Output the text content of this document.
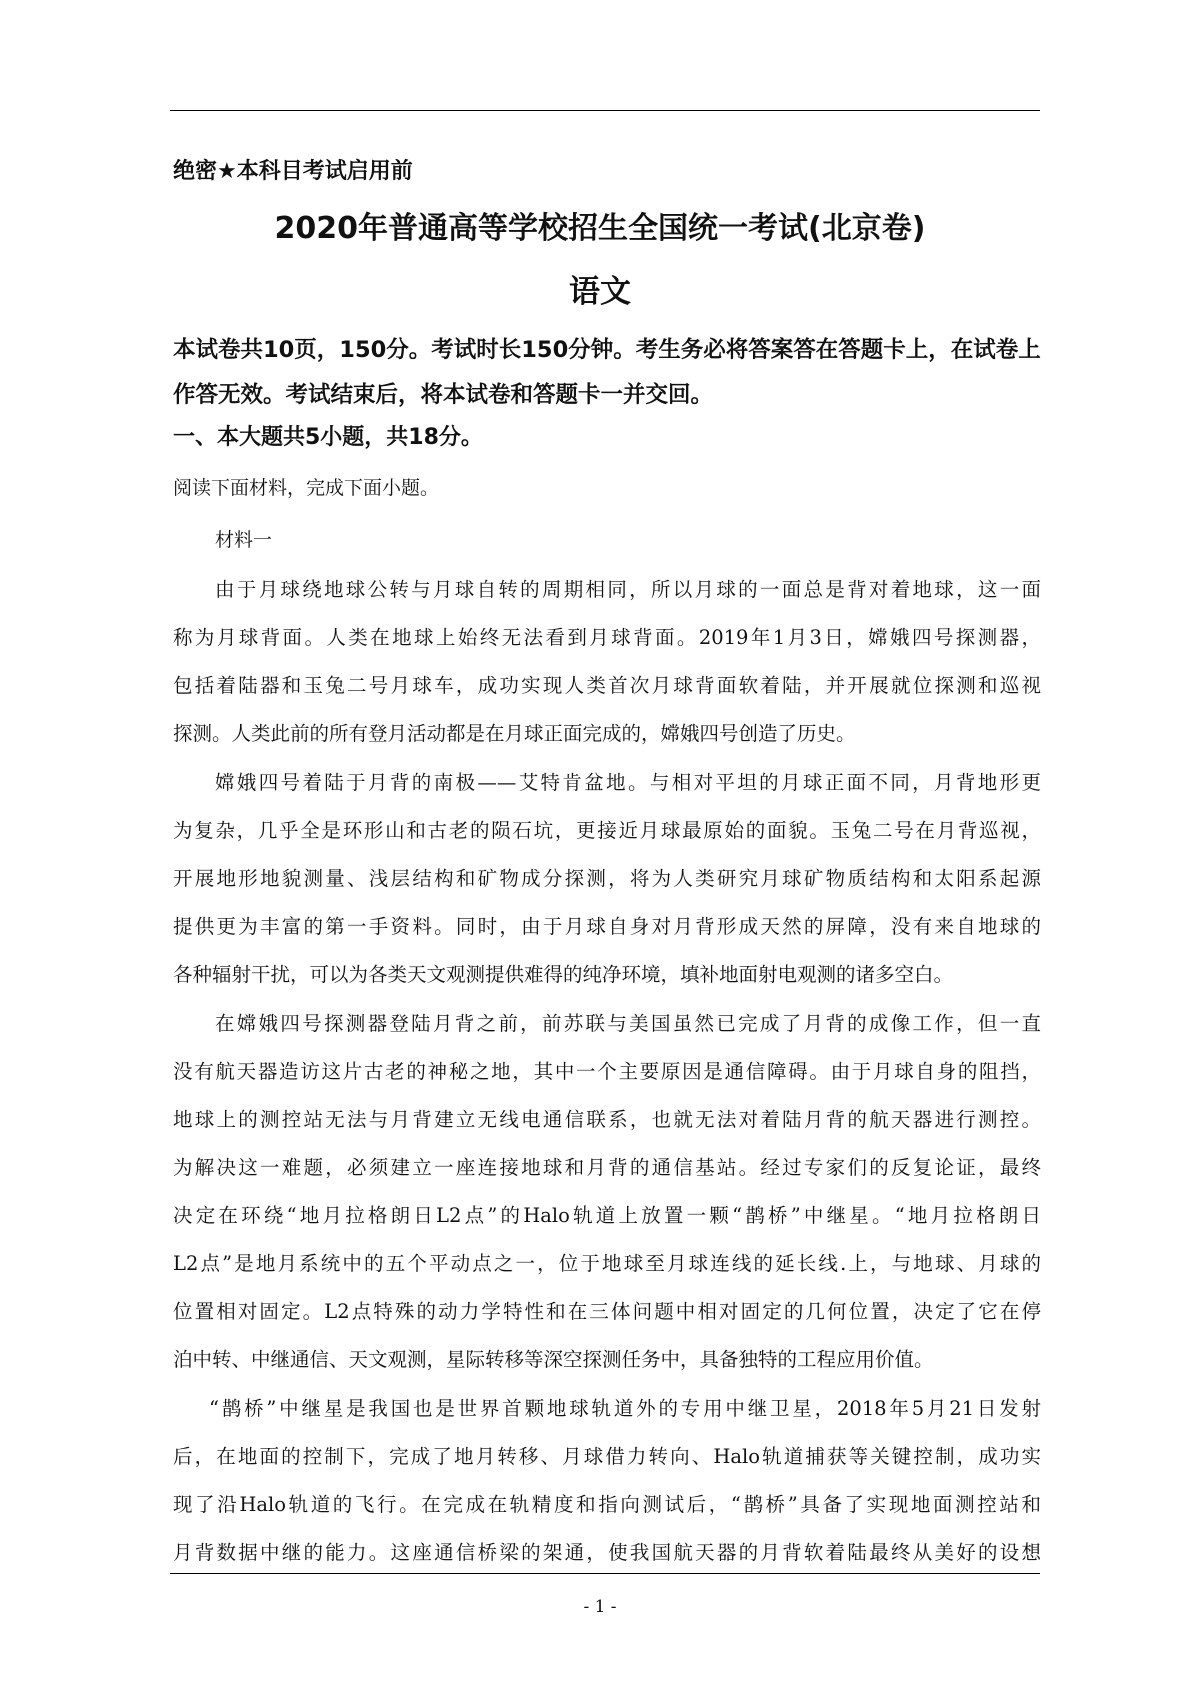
绝密★本科目考试启用前

2020年普通高等学校招生全国统一考试(北京卷)
语文

本试卷共10页，150分。考试时长150分钟。考生务必将答案答在答题卡上，在试卷上作答无效。考试结束后，将本试卷和答题卡一并交回。

一、本大题共5小题，共18分。

阅读下面材料，完成下面小题。

材料一

由于月球绕地球公转与月球自转的周期相同，所以月球的一面总是背对着地球，这一面

称为月球背面。人类在地球上始终无法看到月球背面。2019年1月3日，嫦娥四号探测器，

包括着陆器和玉兔二号月球车，成功实现人类首次月球背面软着陆，并开展就位探测和巡视

探测。人类此前的所有登月活动都是在月球正面完成的，嫦娥四号创造了历史。

嫦娥四号着陆于月背的南极——艾特肯盆地。与相对平坦的月球正面不同，月背地形更

为复杂，几乎全是环形山和古老的陨石坑，更接近月球最原始的面貌。玉兔二号在月背巡视，

开展地形地貌测量、浅层结构和矿物成分探测，将为人类研究月球矿物质结构和太阳系起源

提供更为丰富的第一手资料。同时，由于月球自身对月背形成天然的屏障，没有来自地球的

各种辐射干扰，可以为各类天文观测提供难得的纯净环境，填补地面射电观测的诸多空白。

在嫦娥四号探测器登陆月背之前，前苏联与美国虽然已完成了月背的成像工作，但一直

没有航天器造访这片古老的神秘之地，其中一个主要原因是通信障碍。由于月球自身的阻挡，

地球上的测控站无法与月背建立无线电通信联系，也就无法对着陆月背的航天器进行测控。

为解决这一难题，必须建立一座连接地球和月背的通信基站。经过专家们的反复论证，最终

决定在环绕“地月拉格朗日L2点”的Halo轨道上放置一颗“鹊桥”中继星。“地月拉格朗日

L2点”是地月系统中的五个平动点之一，位于地球至月球连线的延长线.上，与地球、月球的

位置相对固定。L2点特殊的动力学特性和在三体问题中相对固定的几何位置，决定了它在停

泊中转、中继通信、天文观测，星际转移等深空探测任务中，具备独特的工程应用价值。

“鹊桥”中继星是我国也是世界首颗地球轨道外的专用中继卫星，2018年5月21日发射

后，在地面的控制下，完成了地月转移、月球借力转向、Halo轨道捕获等关键控制，成功实

现了沿Halo轨道的飞行。在完成在轨精度和指向测试后，“鹊桥”具备了实现地面测控站和

月背数据中继的能力。这座通信桥梁的架通，使我国航天器的月背软着陆最终从美好的设想

- 1 -
